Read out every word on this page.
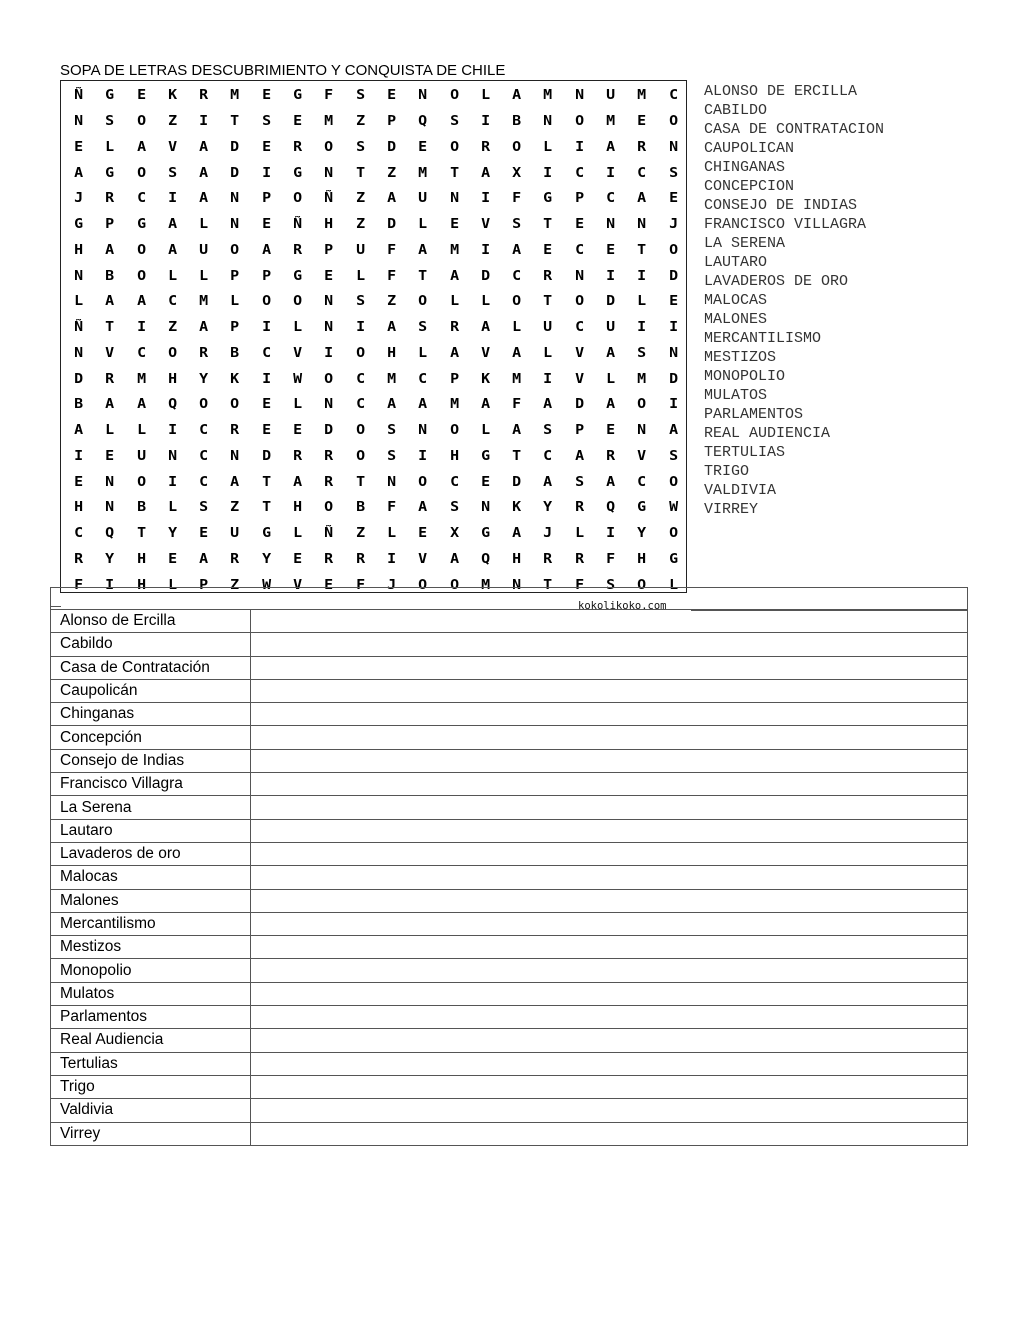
SOPA DE LETRAS DESCUBRIMIENTO Y CONQUISTA DE CHILE
Ñ	G	E	K	R	M	E	G	F	S	E	N	O	L	A	M	N	U	M	C
N	S	O	Z	I	T	S	E	M	Z	P	Q	S	I	B	N	O	M	E	O
E	L	A	V	A	D	E	R	O	S	D	E	O	R	O	L	I	A	R	N
A	G	O	S	A	D	I	G	N	T	Z	M	T	A	X	I	C	I	C	S
J	R	C	I	A	N	P	O	Ñ	Z	A	U	N	I	F	G	P	C	A	E
G	P	G	A	L	N	E	Ñ	H	Z	D	L	E	V	S	T	E	N	N	J
H	A	O	A	U	O	A	R	P	U	F	A	M	I	A	E	C	E	T	O
N	B	O	L	L	P	P	G	E	L	F	T	A	D	C	R	N	I	I	D
L	A	A	C	M	L	O	O	N	S	Z	O	L	L	O	T	O	D	L	E
Ñ	T	I	Z	A	P	I	L	N	I	A	S	R	A	L	U	C	U	I	I
N	V	C	O	R	B	C	V	I	O	H	L	A	V	A	L	V	A	S	N
D	R	M	H	Y	K	I	W	O	C	M	C	P	K	M	I	V	L	M	D
B	A	A	Q	O	O	E	L	N	C	A	A	M	A	F	A	D	A	O	I
A	L	L	I	C	R	E	E	D	O	S	N	O	L	A	S	P	E	N	A
I	E	U	N	C	N	D	R	R	O	S	I	H	G	T	C	A	R	V	S
E	N	O	I	C	A	T	A	R	T	N	O	C	E	D	A	S	A	C	O
H	N	B	L	S	Z	T	H	O	B	F	A	S	N	K	Y	R	Q	G	W
C	Q	T	Y	E	U	G	L	Ñ	Z	L	E	X	G	A	J	L	I	Y	O
R	Y	H	E	A	R	Y	E	R	R	I	V	A	Q	H	R	R	F	H	G
F	I	H	L	P	Z	W	V	E	F	J	O	O	M	N	T	F	S	O	L
kokolikoko.com
ALONSO DE ERCILLA
CABILDO
CASA DE CONTRATACION
CAUPOLICAN
CHINGANAS
CONCEPCION
CONSEJO DE INDIAS
FRANCISCO VILLAGRA
LA SERENA
LAUTARO
LAVADEROS DE ORO
MALOCAS
MALONES
MERCANTILISMO
MESTIZOS
MONOPOLIO
MULATOS
PARLAMENTOS
REAL AUDIENCIA
TERTULIAS
TRIGO
VALDIVIA
VIRREY
Alonso de Ercilla	
Cabildo	
Casa de Contratación	
Caupolicán	
Chinganas	
Concepción	
Consejo de Indias	
Francisco Villagra	
La Serena	
Lautaro	
Lavaderos de oro	
Malocas	
Malones	
Mercantilismo	
Mestizos	
Monopolio	
Mulatos	
Parlamentos	
Real Audiencia	
Tertulias	
Trigo	
Valdivia	
Virrey	
